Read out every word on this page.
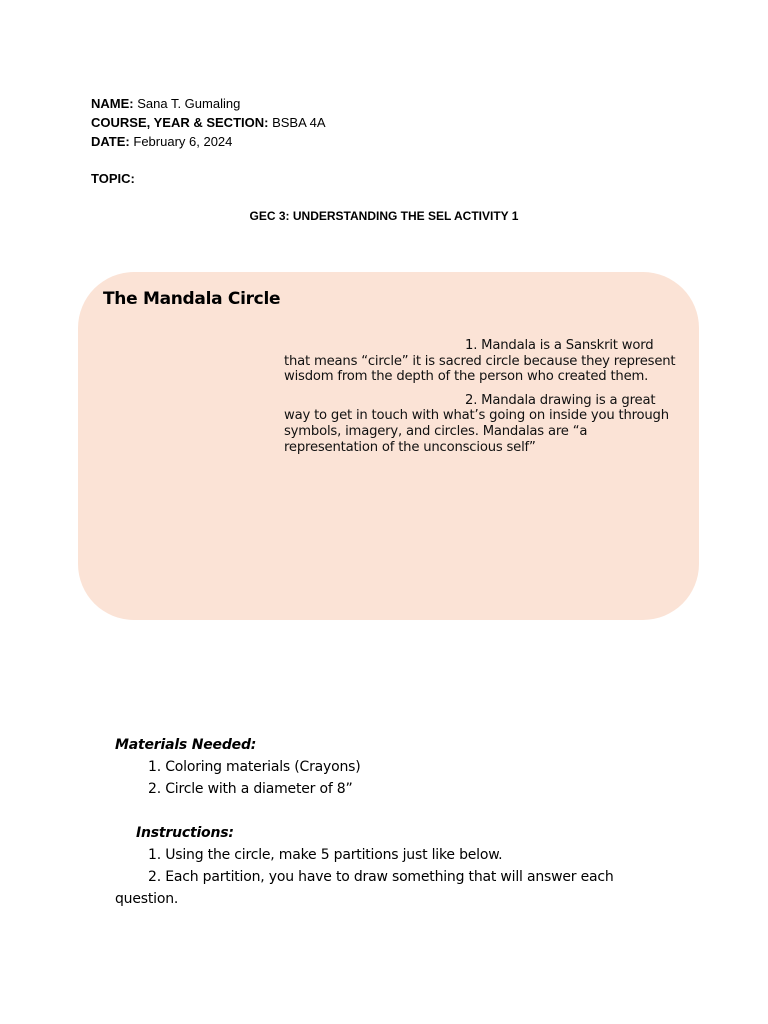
NAME: Sana T. Gumaling
COURSE, YEAR & SECTION: BSBA 4A
DATE: February 6, 2024
TOPIC:
GEC 3: UNDERSTANDING THE SEL ACTIVITY 1
The Mandala Circle

1. Mandala is a Sanskrit word that means “circle” it is sacred circle because they represent wisdom from the depth of the person who created them.

2. Mandala drawing is a great way to get in touch with what’s going on inside you through symbols, imagery, and circles. Mandalas are “a representation of the unconscious self”

Materials Needed:
1. Coloring materials (Crayons)
2. Circle with a diameter of 8”
Instructions:
1. Using the circle, make 5 partitions just like below.
2. Each partition, you have to draw something that will answer each question.
